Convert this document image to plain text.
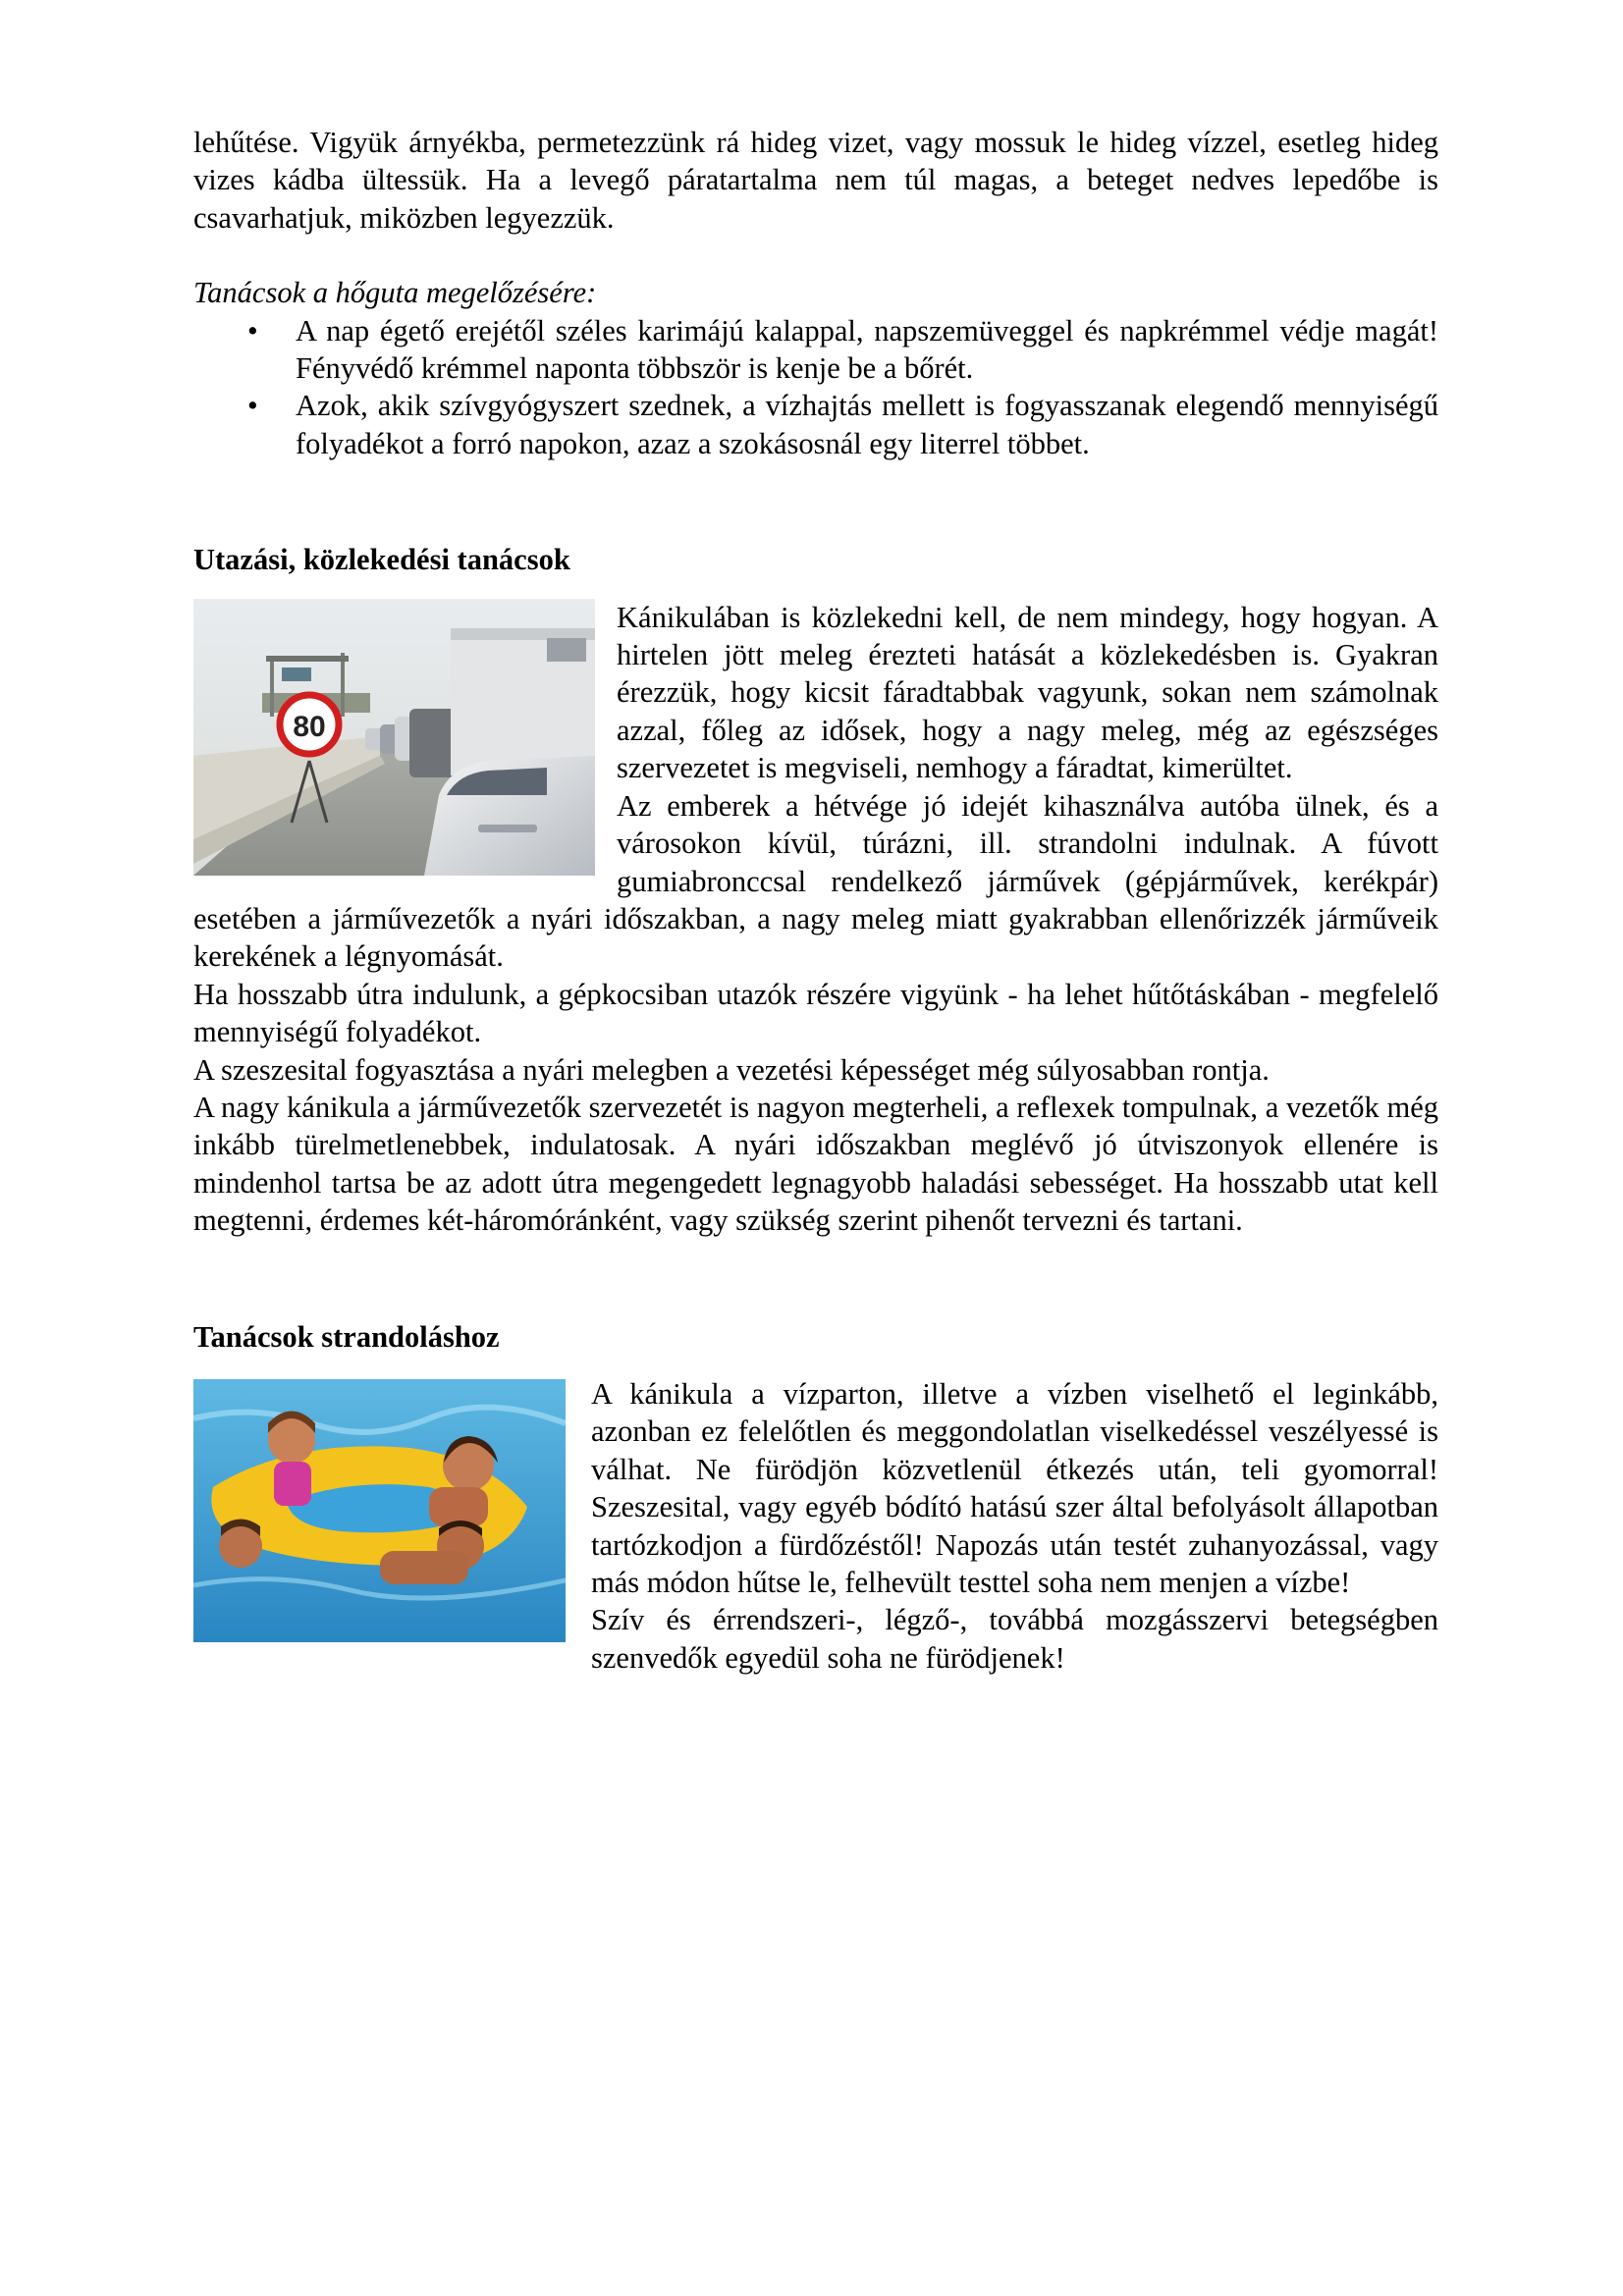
lehűtése. Vigyük árnyékba, permetezzünk rá hideg vizet, vagy mossuk le hideg vízzel, esetleg hideg vizes kádba ültessük. Ha a levegő páratartalma nem túl magas, a beteget nedves lepedőbe is csavarhatjuk, miközben legyezzük.

Tanácsok a hőguta megelőzésére:

• A nap égető erejétől széles karimájú kalappal, napszemüveggel és napkrémmel védje magát! Fényvédő krémmel naponta többször is kenje be a bőrét.
• Azok, akik szívgyógyszert szednek, a vízhajtás mellett is fogyasszanak elegendő mennyiségű folyadékot a forró napokon, azaz a szokásosnál egy literrel többet.
Utazási, közlekedési tanácsok
80

Kánikulában is közlekedni kell, de nem mindegy, hogy hogyan. A hirtelen jött meleg érezteti hatását a közlekedésben is. Gyakran érezzük, hogy kicsit fáradtabbak vagyunk, sokan nem számolnak azzal, főleg az idősek, hogy a nagy meleg, még az egészséges szervezetet is megviseli, nemhogy a fáradtat, kimerültet.

Az emberek a hétvége jó idejét kihasználva autóba ülnek, és a városokon kívül, túrázni, ill. strandolni indulnak. A fúvott gumiabronccsal rendelkező járművek (gépjárművek, kerékpár) esetében a járművezetők a nyári időszakban, a nagy meleg miatt gyakrabban ellenőrizzék járműveik kerekének a légnyomását.

Ha hosszabb útra indulunk, a gépkocsiban utazók részére vigyünk - ha lehet hűtőtáskában - megfelelő mennyiségű folyadékot.

A szeszesital fogyasztása a nyári melegben a vezetési képességet még súlyosabban rontja.

A nagy kánikula a járművezetők szervezetét is nagyon megterheli, a reflexek tompulnak, a vezetők még inkább türelmetlenebbek, indulatosak. A nyári időszakban meglévő jó útviszonyok ellenére is mindenhol tartsa be az adott útra megengedett legnagyobb haladási sebességet. Ha hosszabb utat kell megtenni, érdemes két-háromóránként, vagy szükség szerint pihenőt tervezni és tartani.

Tanácsok strandoláshoz

A kánikula a vízparton, illetve a vízben viselhető el leginkább, azonban ez felelőtlen és meggondolatlan viselkedéssel veszélyessé is válhat. Ne fürödjön közvetlenül étkezés után, teli gyomorral! Szeszesital, vagy egyéb bódító hatású szer által befolyásolt állapotban tartózkodjon a fürdőzéstől! Napozás után testét zuhanyozással, vagy más módon hűtse le, felhevült testtel soha nem menjen a vízbe!

Szív és érrendszeri-, légző-, továbbá mozgásszervi betegségben szenvedők egyedül soha ne fürödjenek!
